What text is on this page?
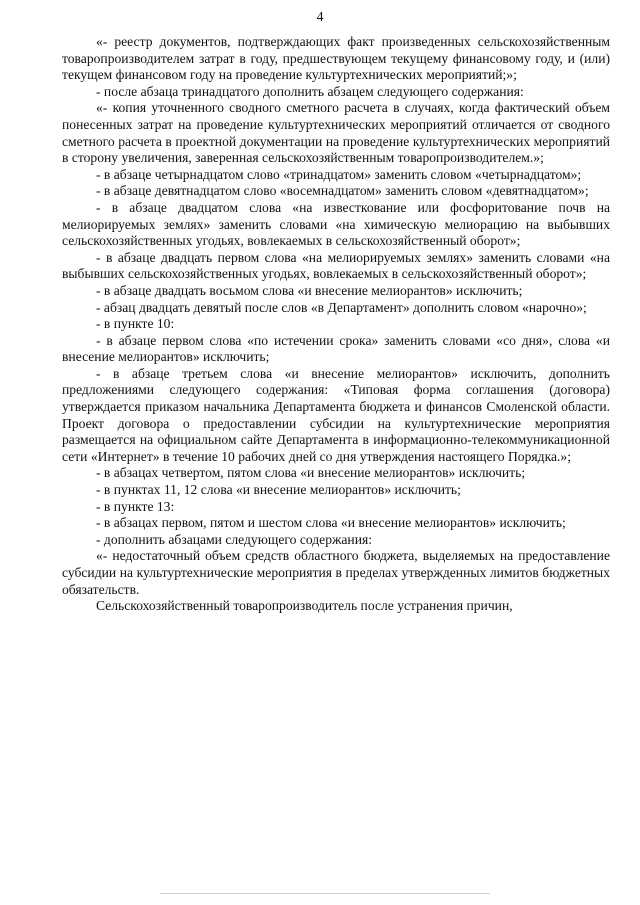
4

«- реестр документов, подтверждающих факт произведенных сельскохозяйственным товаропроизводителем затрат в году, предшествующем текущему финансовому году, и (или) текущем финансовом году на проведение культуртехнических мероприятий;»;

- после абзаца тринадцатого дополнить абзацем следующего содержания:

«- копия уточненного сводного сметного расчета в случаях, когда фактический объем понесенных затрат на проведение культуртехнических мероприятий отличается от сводного сметного расчета в проектной документации на проведение культуртехнических мероприятий в сторону увеличения, заверенная сельскохозяйственным товаропроизводителем.»;

- в абзаце четырнадцатом слово «тринадцатом» заменить словом «четырнадцатом»;

- в абзаце девятнадцатом слово «восемнадцатом» заменить словом «девятнадцатом»;

- в абзаце двадцатом слова «на известкование или фосфоритование почв на мелиорируемых землях» заменить словами «на химическую мелиорацию на выбывших сельскохозяйственных угодьях, вовлекаемых в сельскохозяйственный оборот»;

- в абзаце двадцать первом слова «на мелиорируемых землях» заменить словами «на выбывших сельскохозяйственных угодьях, вовлекаемых в сельскохозяйственный оборот»;

- в абзаце двадцать восьмом слова «и внесение мелиорантов» исключить;

- абзац двадцать девятый после слов «в Департамент» дополнить словом «нарочно»;

- в пункте 10:

- в абзаце первом слова «по истечении срока» заменить словами «со дня», слова «и внесение мелиорантов» исключить;

- в абзаце третьем слова «и внесение мелиорантов» исключить, дополнить предложениями следующего содержания: «Типовая форма соглашения (договора) утверждается приказом начальника Департамента бюджета и финансов Смоленской области. Проект договора о предоставлении субсидии на культуртехнические мероприятия размещается на официальном сайте Департамента в информационно-телекоммуникационной сети «Интернет» в течение 10 рабочих дней со дня утверждения настоящего Порядка.»;

- в абзацах четвертом, пятом слова «и внесение мелиорантов» исключить;

- в пунктах 11, 12 слова «и внесение мелиорантов» исключить;

- в пункте 13:

- в абзацах первом, пятом и шестом слова «и внесение мелиорантов» исключить;

- дополнить абзацами следующего содержания:

«- недостаточный объем средств областного бюджета, выделяемых на предоставление субсидии на культуртехнические мероприятия в пределах утвержденных лимитов бюджетных обязательств.

Сельскохозяйственный товаропроизводитель после устранения причин,
